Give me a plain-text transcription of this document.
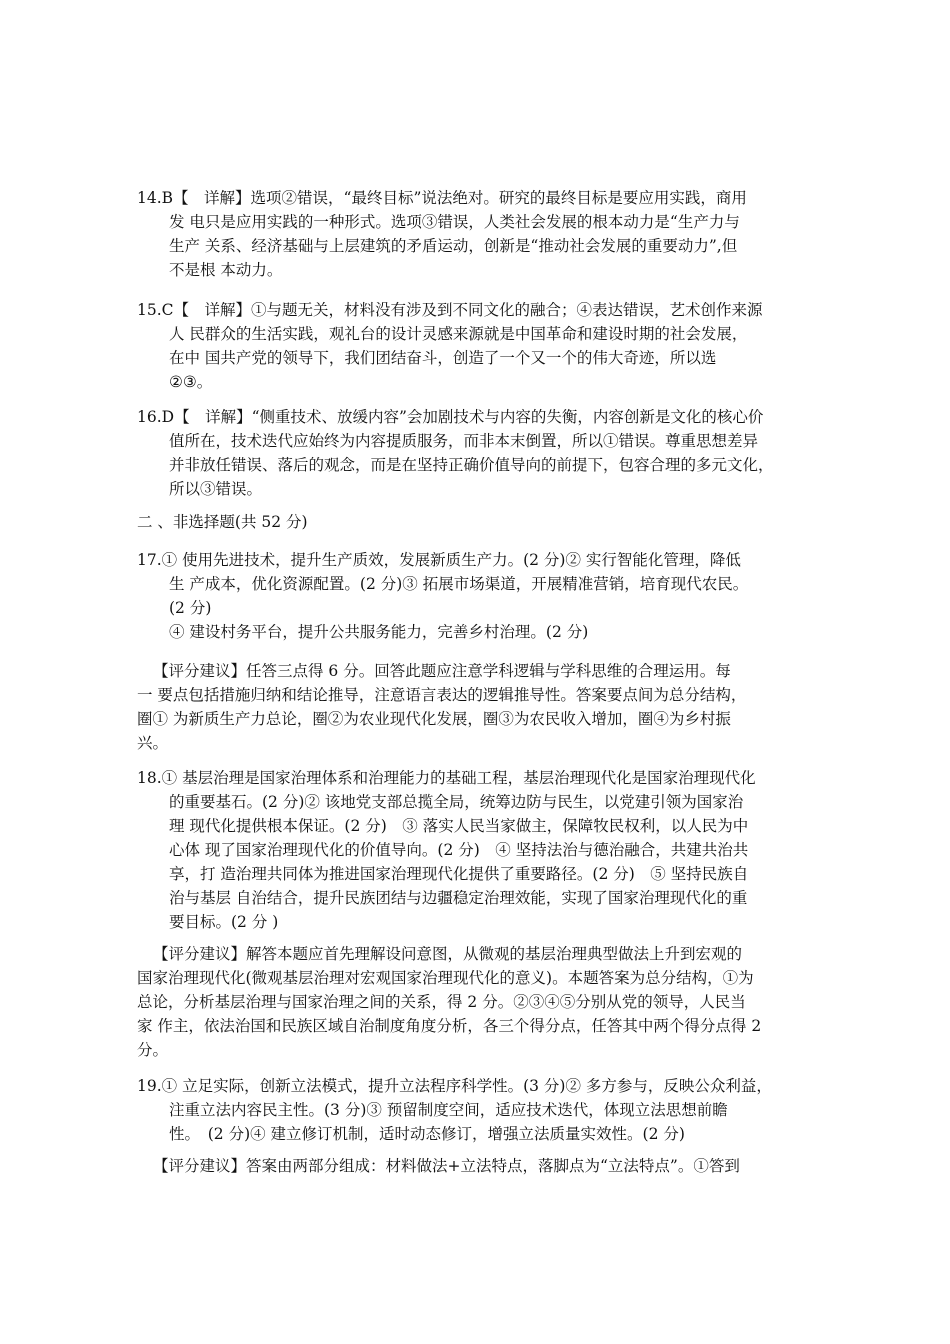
14.B【　详解】选项②错误，“最终目标”说法绝对。研究的最终目标是要应用实践，商用
发 电只是应用实践的一种形式。选项③错误，人类社会发展的根本动力是“生产力与
生产 关系、经济基础与上层建筑的矛盾运动，创新是“推动社会发展的重要动力”,但
不是根 本动力。
15.C【　详解】①与题无关，材料没有涉及到不同文化的融合；④表达错误，艺术创作来源
人 民群众的生活实践，观礼台的设计灵感来源就是中国革命和建设时期的社会发展，
在中 国共产党的领导下，我们团结奋斗，创造了一个又一个的伟大奇迹，所以选
②③。
16.D【　详解】“侧重技术、放缓内容”会加剧技术与内容的失衡，内容创新是文化的核心价
值所在，技术迭代应始终为内容提质服务，而非本末倒置，所以①错误。尊重思想差异
并非放任错误、落后的观念，而是在坚持正确价值导向的前提下，包容合理的多元文化，
所以③错误。
二 、非选择题(共 52 分)
17.① 使用先进技术，提升生产质效，发展新质生产力。(2 分)② 实行智能化管理，降低
生 产成本，优化资源配置。(2 分)③ 拓展市场渠道，开展精准营销，培育现代农民。
(2 分)
④ 建设村务平台，提升公共服务能力，完善乡村治理。(2 分)
【评分建议】任答三点得 6 分。回答此题应注意学科逻辑与学科思维的合理运用。每
一 要点包括措施归纳和结论推导，注意语言表达的逻辑推导性。答案要点间为总分结构，
圈① 为新质生产力总论，圈②为农业现代化发展，圈③为农民收入增加，圈④为乡村振
兴。
18.① 基层治理是国家治理体系和治理能力的基础工程，基层治理现代化是国家治理现代化
的重要基石。(2 分)② 该地党支部总揽全局，统筹边防与民生，以党建引领为国家治
理 现代化提供根本保证。(2 分)　③ 落实人民当家做主，保障牧民权利，以人民为中
心体 现了国家治理现代化的价值导向。(2 分)　④ 坚持法治与德治融合，共建共治共
享，打 造治理共同体为推进国家治理现代化提供了重要路径。(2 分)　⑤ 坚持民族自
治与基层 自治结合，提升民族团结与边疆稳定治理效能，实现了国家治理现代化的重
要目标。(2 分 )
【评分建议】解答本题应首先理解设问意图，从微观的基层治理典型做法上升到宏观的
国家治理现代化(微观基层治理对宏观国家治理现代化的意义)。本题答案为总分结构，①为
总论，分析基层治理与国家治理之间的关系，得 2 分。②③④⑤分别从党的领导，人民当
家 作主，依法治国和民族区域自治制度角度分析，各三个得分点，任答其中两个得分点得 2
分。
19.① 立足实际，创新立法模式，提升立法程序科学性。(3 分)② 多方参与，反映公众利益，
注重立法内容民主性。(3 分)③ 预留制度空间，适应技术迭代，体现立法思想前瞻
性。　(2 分)④ 建立修订机制，适时动态修订，增强立法质量实效性。(2 分)
【评分建议】答案由两部分组成：材料做法+立法特点，落脚点为“立法特点”。①答到
